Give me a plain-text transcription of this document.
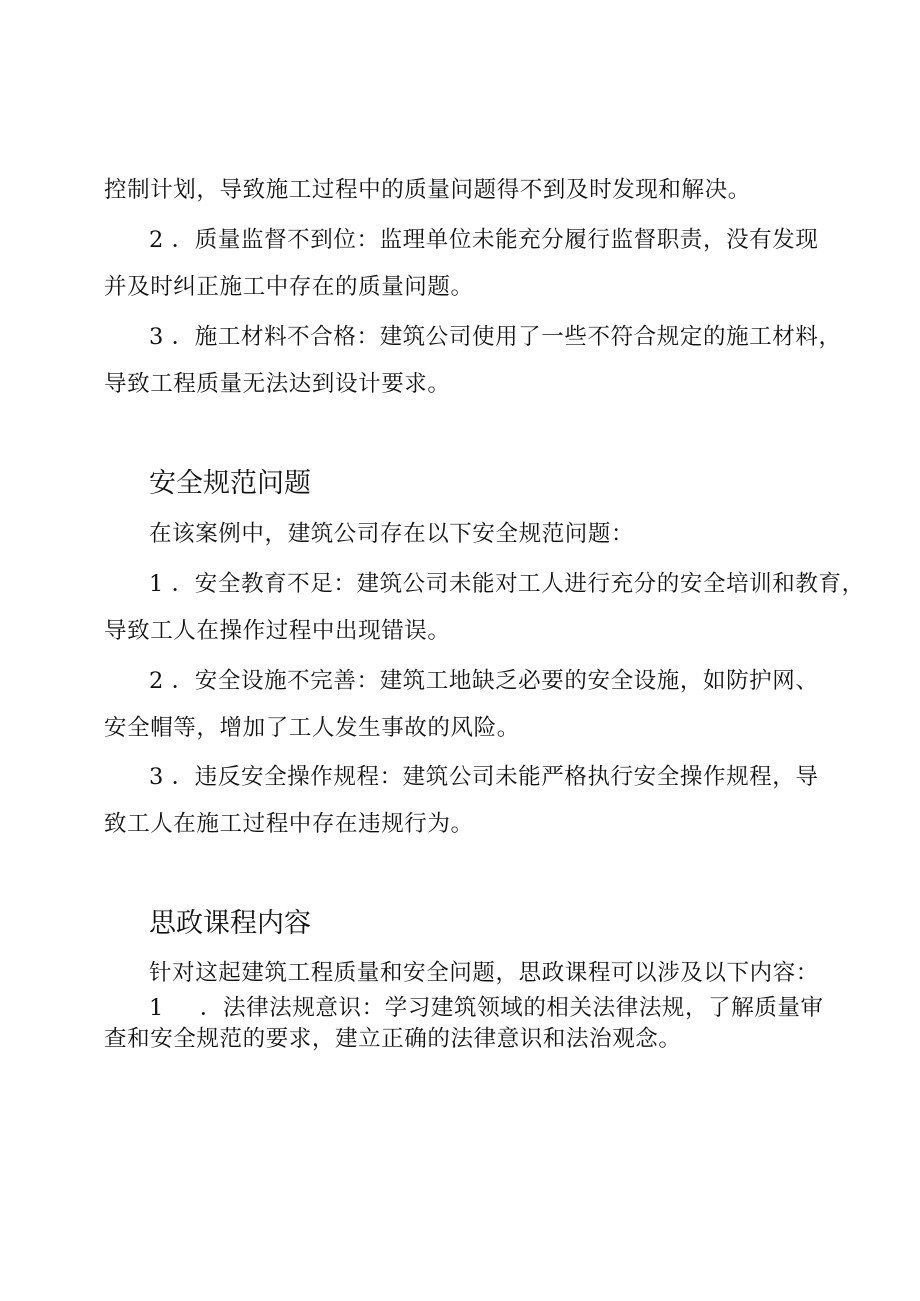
控制计划，导致施工过程中的质量问题得不到及时发现和解决。
2 ．质量监督不到位：监理单位未能充分履行监督职责，没有发现
并及时纠正施工中存在的质量问题。
3 ．施工材料不合格：建筑公司使用了一些不符合规定的施工材料，
导致工程质量无法达到设计要求。
安全规范问题
在该案例中，建筑公司存在以下安全规范问题：
1 ．安全教育不足：建筑公司未能对工人进行充分的安全培训和教育，
导致工人在操作过程中出现错误。
2 ．安全设施不完善：建筑工地缺乏必要的安全设施，如防护网、
安全帽等，增加了工人发生事故的风险。
3 ．违反安全操作规程：建筑公司未能严格执行安全操作规程，导
致工人在施工过程中存在违规行为。
思政课程内容
针对这起建筑工程质量和安全问题，思政课程可以涉及以下内容：
1 ．法律法规意识：学习建筑领域的相关法律法规，了解质量审
查和安全规范的要求，建立正确的法律意识和法治观念。
